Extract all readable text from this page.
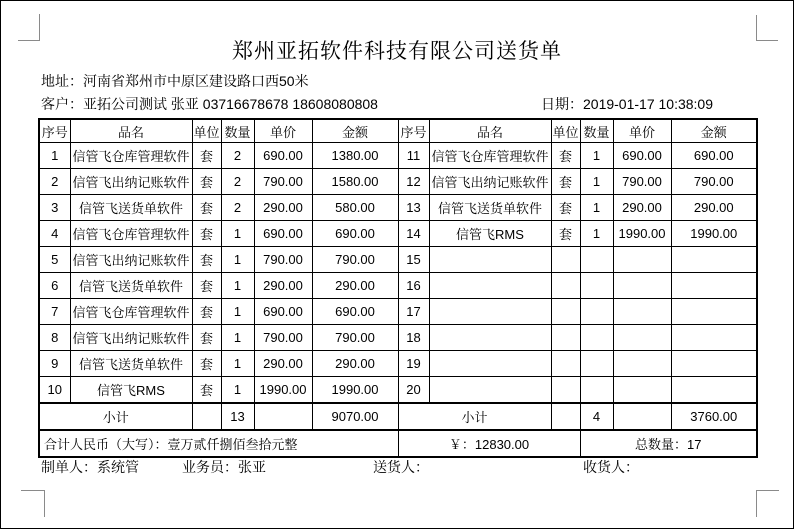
郑州亚拓软件科技有限公司送货单
地址：河南省郑州市中原区建设路口西50米
客户：亚拓公司测试 张亚 03716678678 18608080808	日期：2019-01-17 10:38:09
序号	品名	单位	数量	单价	金额	序号	品名	单位	数量	单价	金额
1	信管飞仓库管理软件	套	2	690.00	1380.00	11	信管飞仓库管理软件	套	1	690.00	690.00
2	信管飞出纳记账软件	套	2	790.00	1580.00	12	信管飞出纳记账软件	套	1	790.00	790.00
3	信管飞送货单软件	套	2	290.00	580.00	13	信管飞送货单软件	套	1	290.00	290.00
4	信管飞仓库管理软件	套	1	690.00	690.00	14	信管飞RMS	套	1	1990.00	1990.00
5	信管飞出纳记账软件	套	1	790.00	790.00	15					
6	信管飞送货单软件	套	1	290.00	290.00	16					
7	信管飞仓库管理软件	套	1	690.00	690.00	17					
8	信管飞出纳记账软件	套	1	790.00	790.00	18					
9	信管飞送货单软件	套	1	290.00	290.00	19					
10	信管飞RMS	套	1	1990.00	1990.00	20					
小计			13		9070.00	小计			4		3760.00
合计人民币（大写）：壹万贰仟捌佰叁拾元整						￥：12830.00			总数量：17		
制单人：系统管	业务员：张亚	送货人：	收货人：
